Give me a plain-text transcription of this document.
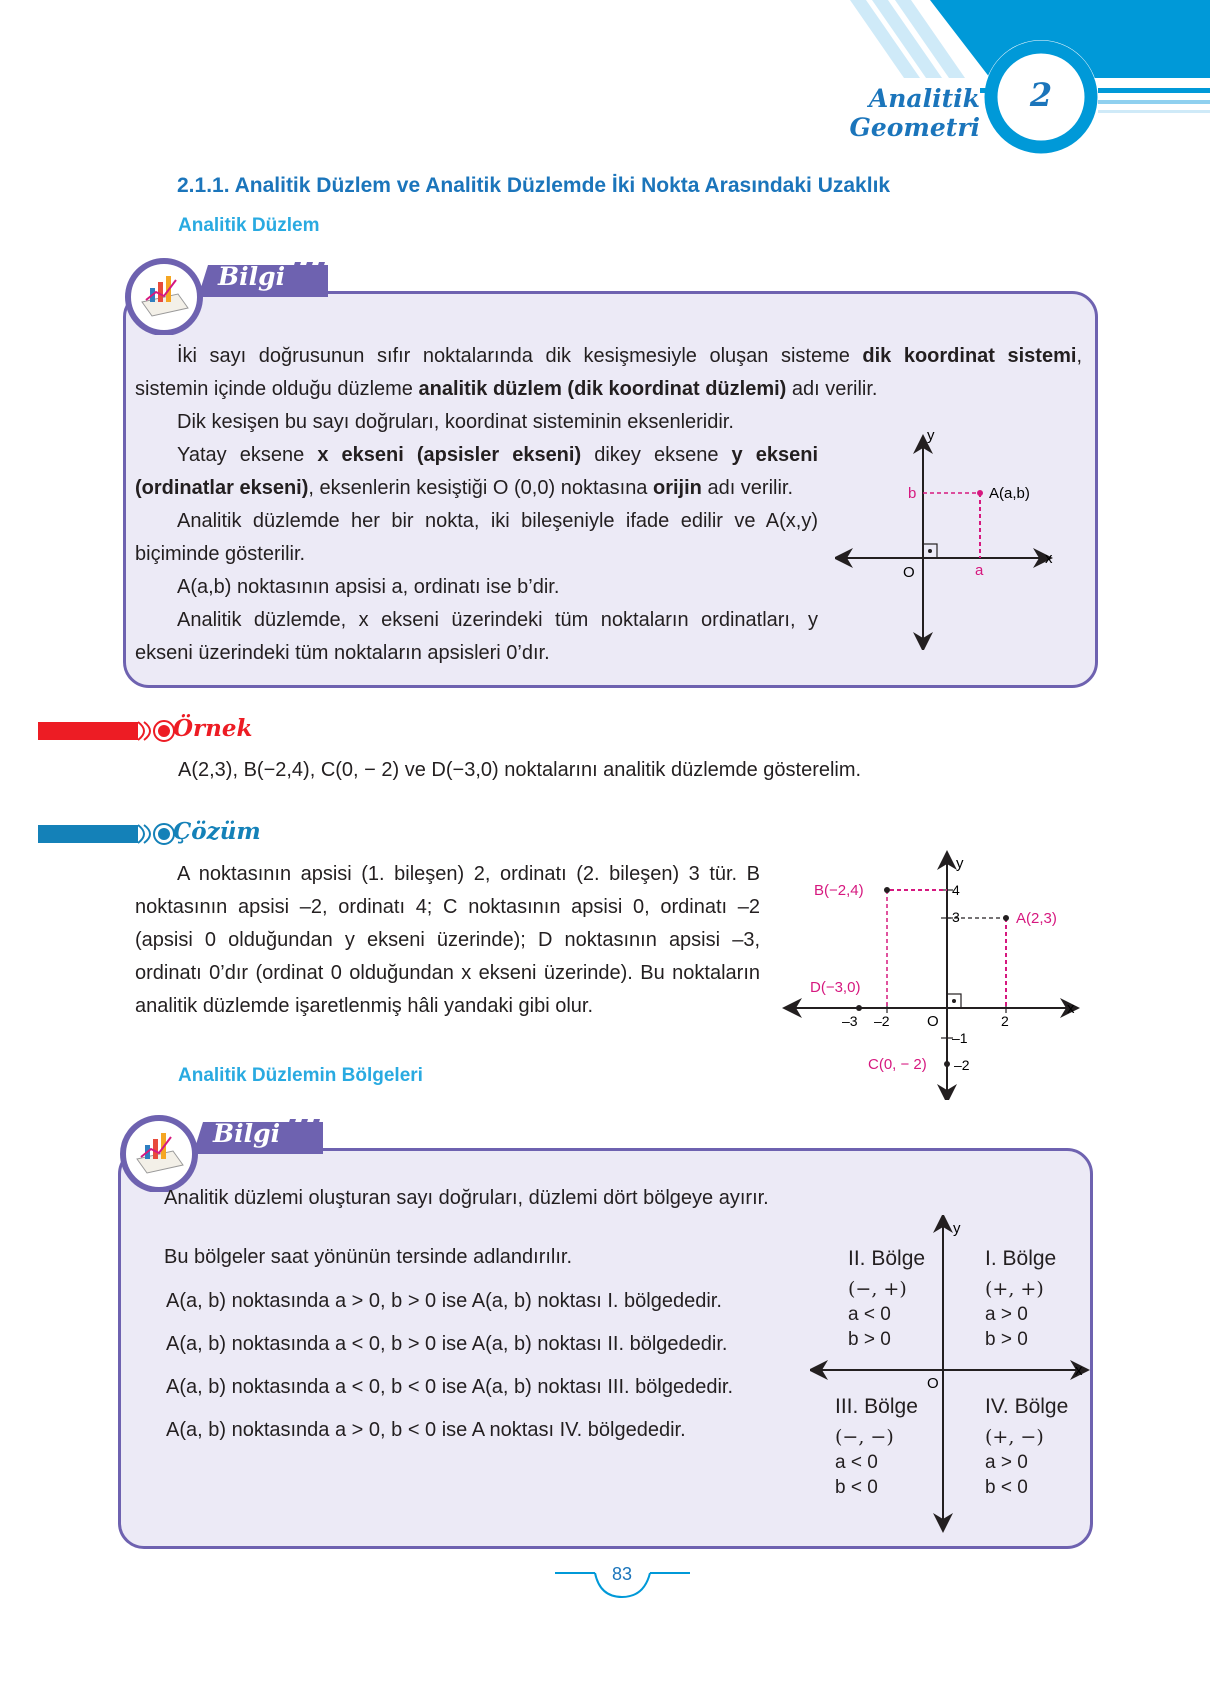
Analitik Geometri
2
2.1.1. Analitik Düzlem ve Analitik Düzlemde İki Nokta Arasındaki Uzaklık
Analitik Düzlem
Bilgi

İki sayı doğrusunun sıfır noktalarında dik kesişmesiyle oluşan sisteme dik koordinat sistemi, sistemin içinde olduğu düzleme analitik düzlem (dik koordinat düzlemi) adı verilir.

Dik kesişen bu sayı doğruları, koordinat sisteminin eksenleridir.

Yatay eksene x ekseni (apsisler ekseni) dikey eksene y ekseni (ordinatlar ekseni), eksenlerin kesiştiği O (0,0) noktasına orijin adı verilir.

Analitik düzlemde her bir nokta, iki bileşeniyle ifade edilir ve A(x,y) biçiminde gösterilir.

A(a,b) noktasının apsisi a, ordinatı ise b’dir.

Analitik düzlemde, x ekseni üzerindeki tüm noktaların ordinatları, y ekseni üzerindeki tüm noktaların apsisleri 0’dır.

y
x
O
b
a
A(a,b)
Örnek
A(2,3), B(−2,4), C(0, − 2) ve D(−3,0) noktalarını analitik düzlemde gösterelim.
Çözüm

A noktasının apsisi (1. bileşen) 2, ordinatı (2. bileşen) 3 tür. B noktasının apsisi –2, ordinatı 4; C noktasının apsisi 0, ordinatı –2 (apsisi 0 olduğundan y ekseni üzerinde); D noktasının apsisi –3, ordinatı 0’dır (ordinat 0 olduğundan x ekseni üzerinde). Bu noktaların analitik düzlemde işaretlenmiş hâli yandaki gibi olur.

y
x
O
4
3
–1
–2
2
–2
–3
B(−2,4)
A(2,3)
D(−3,0)
C(0, − 2)
Analitik Düzlemin Bölgeleri
Bilgi
Analitik düzlemi oluşturan sayı doğruları, düzlemi dört bölgeye ayırır.
Bu bölgeler saat yönünün tersinde adlandırılır.
A(a, b) noktasında a > 0, b > 0 ise A(a, b) noktası I. bölgededir.
A(a, b) noktasında a < 0, b > 0 ise A(a, b) noktası II. bölgededir.
A(a, b) noktasında a < 0, b < 0 ise A(a, b) noktası III. bölgededir.
A(a, b) noktasında a > 0, b < 0 ise A noktası IV. bölgededir.
y
x
O
II. Bölge
(−, +)
a < 0
b > 0
I. Bölge
(+, +)
a > 0
b > 0
III. Bölge
(−, −)
a < 0
b < 0
IV. Bölge
(+, −)
a > 0
b < 0
83
